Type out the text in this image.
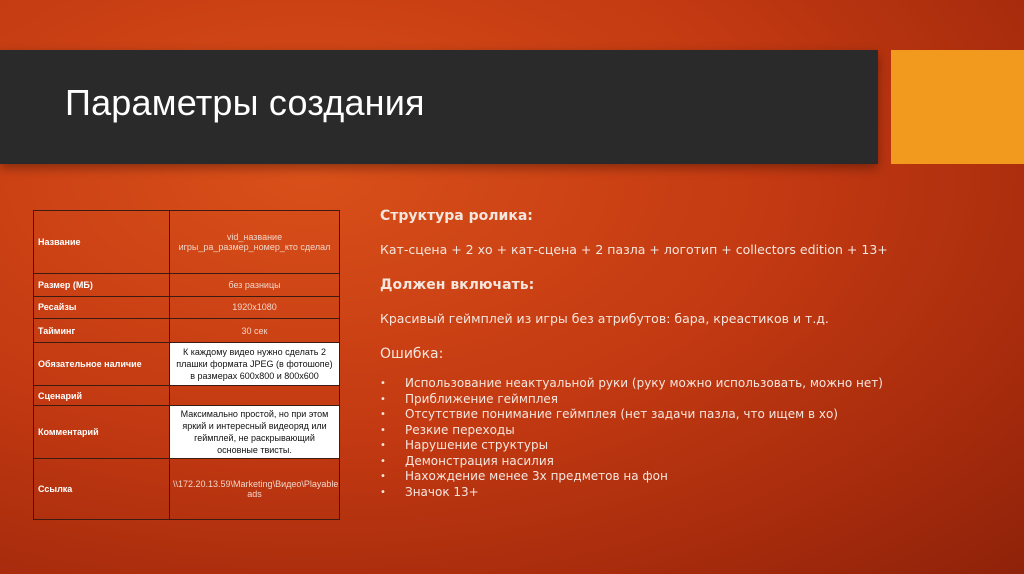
Параметры создания
Название	vid_название игры_pa_размер_номер_кто сделал
Размер (МБ)	без разницы
Ресайзы	1920х1080
Тайминг	30 сек
Обязательное наличие	К каждому видео нужно сделать 2 плашки формата JPEG (в фотошопе) в размерах 600х800 и 800х600
Сценарий	
Комментарий	Максимально простой, но при этом яркий и интересный видеоряд или геймплей, не раскрывающий основные твисты.
Ссылка	\\172.20.13.59\Marketing\Видео\Playable ads
Структура ролика:
Кат-сцена + 2 хо + кат-сцена + 2 пазла + логотип + collectors edition + 13+
Должен включать:
Красивый геймплей из игры без атрибутов: бара, креастиков и т.д.
Ошибка:
• Использование неактуальной руки (руку можно использовать, можно нет)
• Приближение геймплея
• Отсутствие понимание геймплея (нет задачи пазла, что ищем в хо)
• Резкие переходы
• Нарушение структуры
• Демонстрация насилия
• Нахождение менее 3х предметов на фон
• Значок 13+
